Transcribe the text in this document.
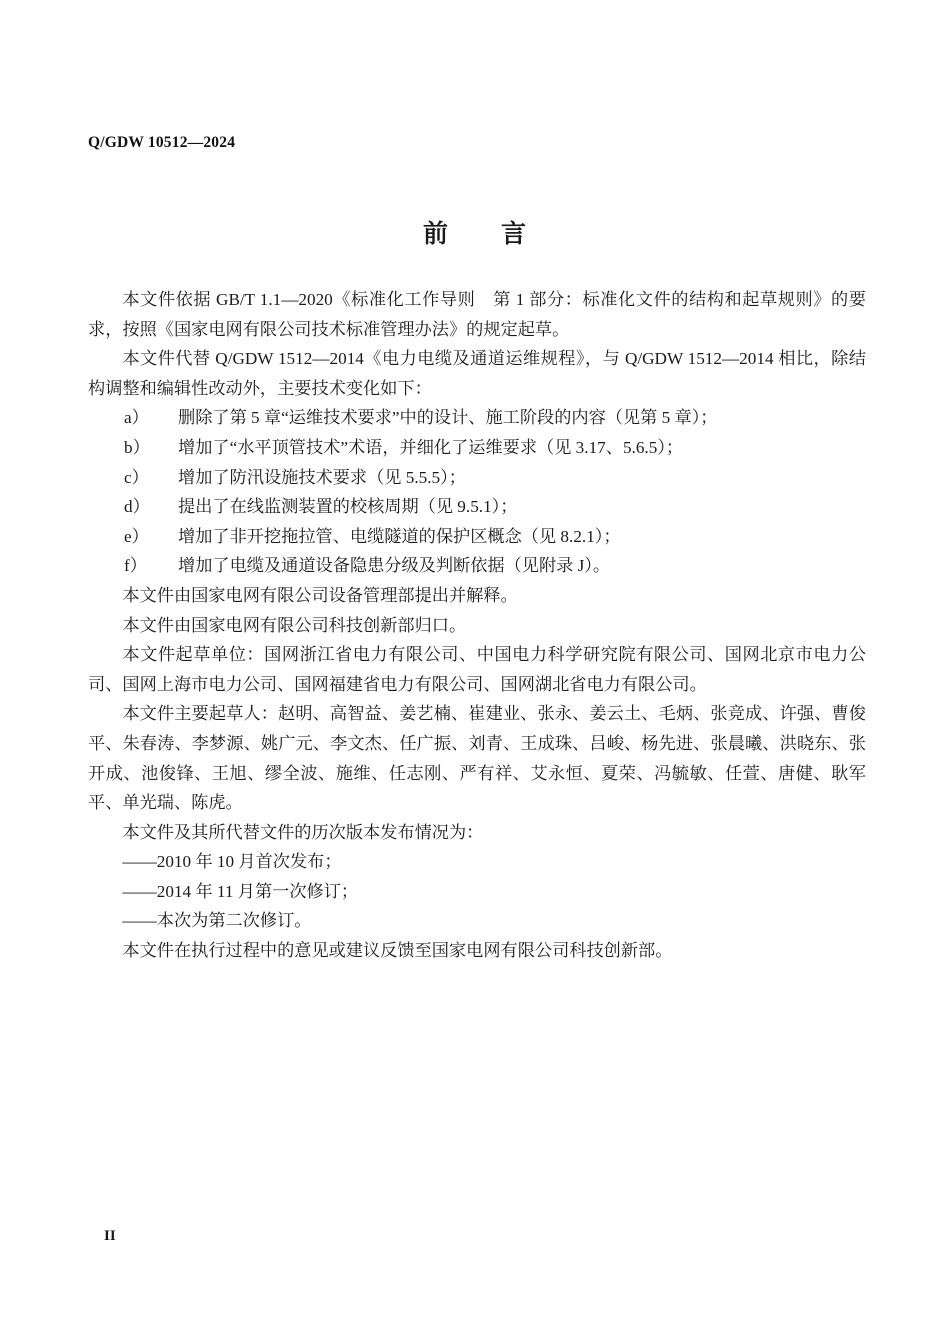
Q/GDW 10512—2024
前　　言

本文件依据 GB/T 1.1—2020《标准化工作导则　第 1 部分：标准化文件的结构和起草规则》的要求，按照《国家电网有限公司技术标准管理办法》的规定起草。

本文件代替 Q/GDW 1512—2014《电力电缆及通道运维规程》，与 Q/GDW 1512—2014 相比，除结构调整和编辑性改动外，主要技术变化如下：

a）	删除了第 5 章“运维技术要求”中的设计、施工阶段的内容（见第 5 章）；
b）	增加了“水平顶管技术”术语，并细化了运维要求（见 3.17、5.6.5）；
c）	增加了防汛设施技术要求（见 5.5.5）；
d）	提出了在线监测装置的校核周期（见 9.5.1）；
e）	增加了非开挖拖拉管、电缆隧道的保护区概念（见 8.2.1）；
f）	增加了电缆及通道设备隐患分级及判断依据（见附录 J）。

本文件由国家电网有限公司设备管理部提出并解释。

本文件由国家电网有限公司科技创新部归口。

本文件起草单位：国网浙江省电力有限公司、中国电力科学研究院有限公司、国网北京市电力公司、国网上海市电力公司、国网福建省电力有限公司、国网湖北省电力有限公司。

本文件主要起草人：赵明、高智益、姜艺楠、崔建业、张永、姜云土、毛炳、张竞成、许强、曹俊平、朱春涛、李梦源、姚广元、李文杰、任广振、刘青、王成珠、吕峻、杨先进、张晨曦、洪晓东、张开成、池俊锋、王旭、缪全波、施维、任志刚、严有祥、艾永恒、夏荣、冯毓敏、任萱、唐健、耿军平、单光瑞、陈虎。

本文件及其所代替文件的历次版本发布情况为：

——2010 年 10 月首次发布；

——2014 年 11 月第一次修订；

——本次为第二次修订。

本文件在执行过程中的意见或建议反馈至国家电网有限公司科技创新部。

II
